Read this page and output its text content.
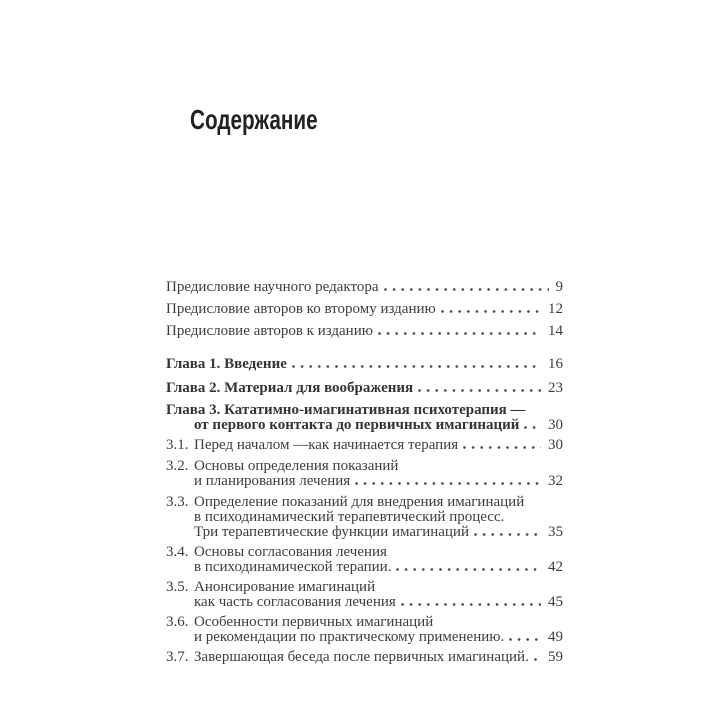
Содержание
Предисловие научного редактора	9
Предисловие авторов ко второму изданию	12
Предисловие авторов к изданию	14
Глава 1. Введение	16
Глава 2. Материал для воображения	23
Глава 3. Кататимно-имагинативная психотерапия —
от первого контакта до первичных имагинаций 30
3.1. Перед началом —как начинается терапия	30
3.2. Основы определения показаний
и планирования лечения	32
3.3. Определение показаний для внедрения имагинаций
в психодинамический терапевтический процесс.
Три терапевтические функции имагинаций	35
3.4. Основы согласования лечения
в психодинамической терапии.	42
3.5. Анонсирование имагинаций
как часть согласования лечения	45
3.6. Особенности первичных имагинаций
и рекомендации по практическому применению.	49
3.7. Завершающая беседа после первичных имагинаций. 59
